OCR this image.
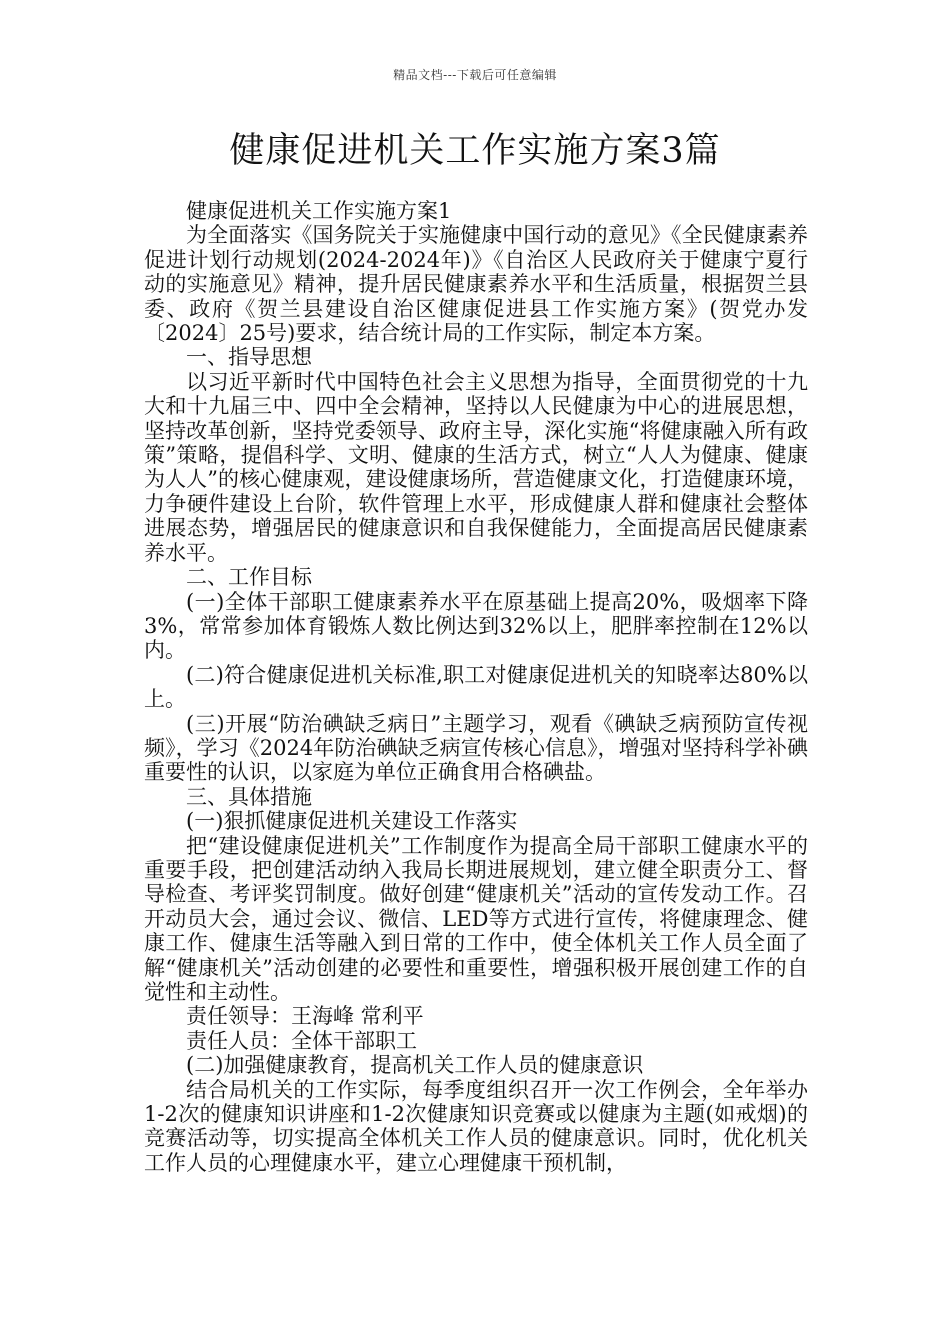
精品文档---下载后可任意编辑
健康促进机关工作实施方案3篇

健康促进机关工作实施方案1

为全面落实《国务院关于实施健康中国行动的意见》《全民健康素养促进计划行动规划(2024-2024年)》《自治区人民政府关于健康宁夏行动的实施意见》精神，提升居民健康素养水平和生活质量，根据贺兰县委、政府《贺兰县建设自治区健康促进县工作实施方案》(贺党办发〔2024〕25号)要求，结合统计局的工作实际，制定本方案。

一、指导思想

以习近平新时代中国特色社会主义思想为指导，全面贯彻党的十九大和十九届三中、四中全会精神，坚持以人民健康为中心的进展思想，坚持改革创新，坚持党委领导、政府主导，深化实施“将健康融入所有政策”策略，提倡科学、文明、健康的生活方式，树立“人人为健康、健康为人人”的核心健康观，建设健康场所，营造健康文化，打造健康环境，力争硬件建设上台阶，软件管理上水平，形成健康人群和健康社会整体进展态势，增强居民的健康意识和自我保健能力，全面提高居民健康素养水平。

二、工作目标

(一)全体干部职工健康素养水平在原基础上提高20%，吸烟率下降3%，常常参加体育锻炼人数比例达到32%以上，肥胖率控制在12%以内。

(二)符合健康促进机关标准,职工对健康促进机关的知晓率达80%以上。

(三)开展“防治碘缺乏病日”主题学习，观看《碘缺乏病预防宣传视频》，学习《2024年防治碘缺乏病宣传核心信息》，增强对坚持科学补碘重要性的认识，以家庭为单位正确食用合格碘盐。

三、具体措施

(一)狠抓健康促进机关建设工作落实

把“建设健康促进机关”工作制度作为提高全局干部职工健康水平的重要手段，把创建活动纳入我局长期进展规划，建立健全职责分工、督导检查、考评奖罚制度。做好创建“健康机关”活动的宣传发动工作。召开动员大会，通过会议、微信、LED等方式进行宣传，将健康理念、健康工作、健康生活等融入到日常的工作中，使全体机关工作人员全面了解“健康机关”活动创建的必要性和重要性，增强积极开展创建工作的自觉性和主动性。

责任领导：王海峰 常利平

责任人员：全体干部职工

(二)加强健康教育，提高机关工作人员的健康意识

结合局机关的工作实际，每季度组织召开一次工作例会，全年举办1-2次的健康知识讲座和1-2次健康知识竞赛或以健康为主题(如戒烟)的竞赛活动等，切实提高全体机关工作人员的健康意识。同时，优化机关工作人员的心理健康水平，建立心理健康干预机制，
